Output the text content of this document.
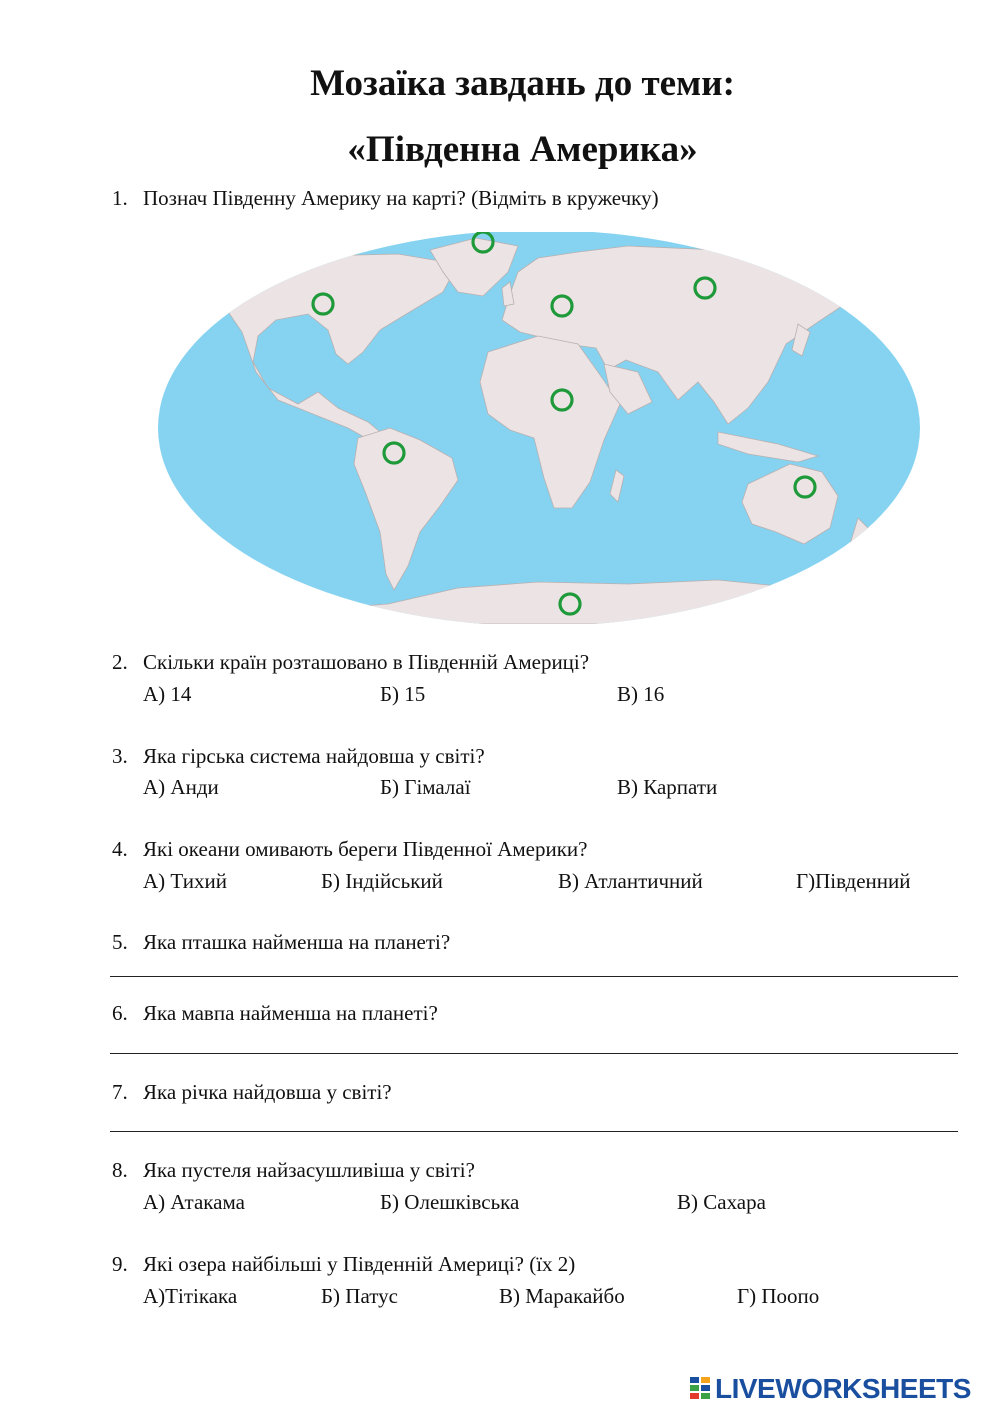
Мозаїка завдань до теми:
«Південна Америка»
1. Познач Південну Америку на карті? (Відміть в кружечку)
2. Скільки країн розташовано в Південній Америці?
А) 14	Б) 15	В) 16
3. Яка гірська система найдовша у світі?
А) Анди	Б) Гімалаї	В) Карпати
4. Які океани омивають береги Південної Америки?
А) Тихий	Б) Індійський	В) Атлантичний	Г)Південний
5. Яка пташка найменша на планеті?
6. Яка мавпа найменша на планеті?
7. Яка річка найдовша у світі?
8. Яка пустеля найзасушливіша у світі?
А) Атакама	Б) Олешківська	В) Сахара
9. Які озера найбільші у Південній Америці? (їх 2)
А)Тітікака	Б) Патус	В) Маракайбо	Г) Поопо
LIVEWORKSHEETS
